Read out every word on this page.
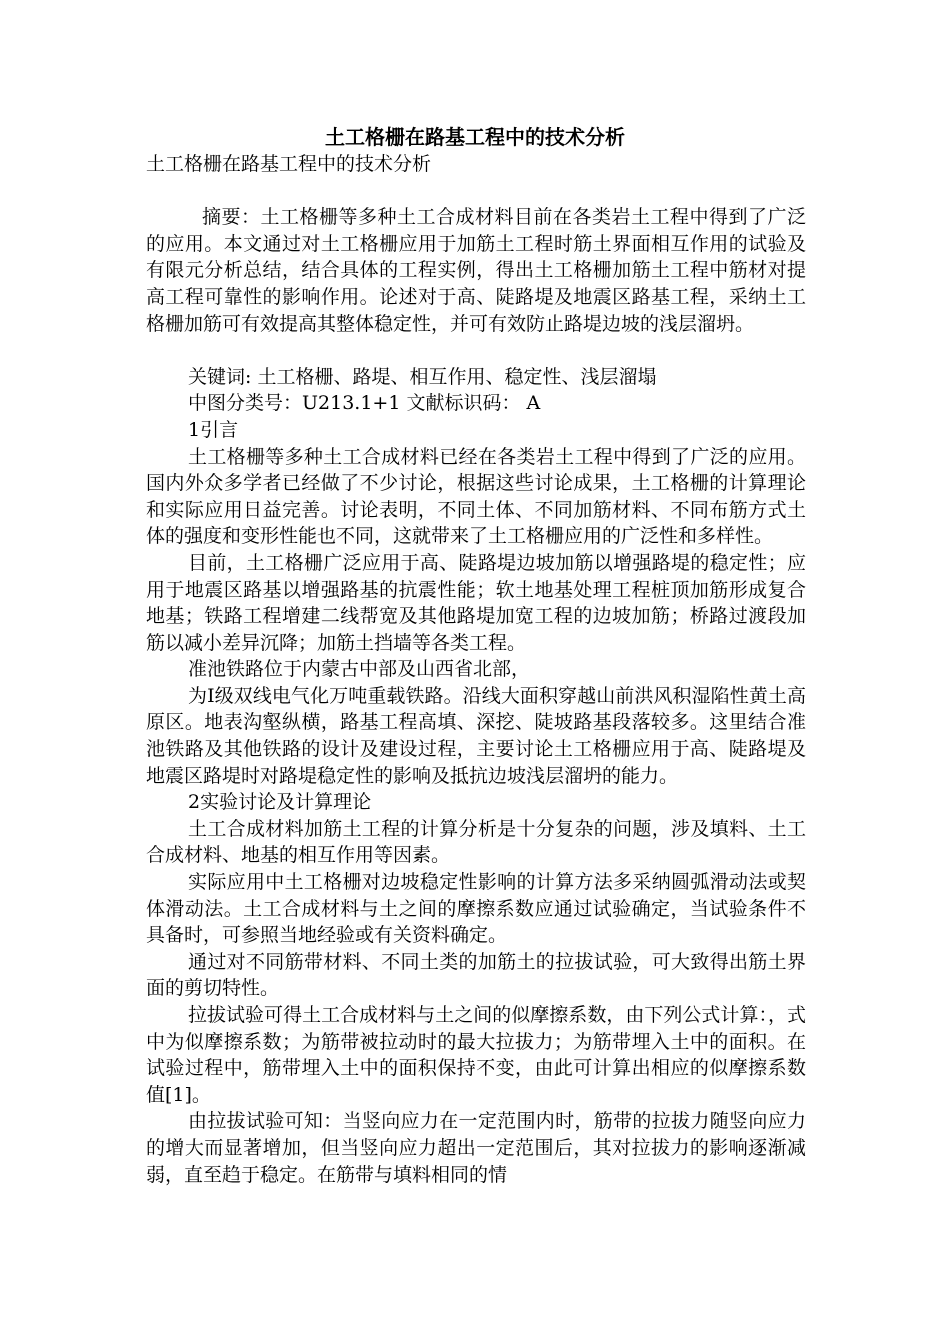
土工格栅在路基工程中的技术分析

土工格栅在路基工程中的技术分析

摘要：土工格栅等多种土工合成材料目前在各类岩土工程中得到了广泛的应用。本文通过对土工格栅应用于加筋土工程时筋土界面相互作用的试验及有限元分析总结，结合具体的工程实例，得出土工格栅加筋土工程中筋材对提高工程可靠性的影响作用。论述对于高、陡路堤及地震区路基工程，采纳土工格栅加筋可有效提高其整体稳定性，并可有效防止路堤边坡的浅层溜坍。

关键词: 土工格栅、路堤、相互作用、稳定性、浅层溜塌

中图分类号：U213.1+1 文献标识码： A

1引言

土工格栅等多种土工合成材料已经在各类岩土工程中得到了广泛的应用。国内外众多学者已经做了不少讨论，根据这些讨论成果，土工格栅的计算理论和实际应用日益完善。讨论表明，不同土体、不同加筋材料、不同布筋方式土体的强度和变形性能也不同，这就带来了土工格栅应用的广泛性和多样性。

目前，土工格栅广泛应用于高、陡路堤边坡加筋以增强路堤的稳定性；应用于地震区路基以增强路基的抗震性能；软土地基处理工程桩顶加筋形成复合地基；铁路工程增建二线帮宽及其他路堤加宽工程的边坡加筋；桥路过渡段加筋以减小差异沉降；加筋土挡墙等各类工程。

准池铁路位于内蒙古中部及山西省北部，

为Ⅰ级双线电气化万吨重载铁路。沿线大面积穿越山前洪风积湿陷性黄土高原区。地表沟壑纵横，路基工程高填、深挖、陡坡路基段落较多。这里结合准池铁路及其他铁路的设计及建设过程，主要讨论土工格栅应用于高、陡路堤及地震区路堤时对路堤稳定性的影响及抵抗边坡浅层溜坍的能力。

2实验讨论及计算理论

土工合成材料加筋土工程的计算分析是十分复杂的问题，涉及填料、土工合成材料、地基的相互作用等因素。

实际应用中土工格栅对边坡稳定性影响的计算方法多采纳圆弧滑动法或契体滑动法。土工合成材料与土之间的摩擦系数应通过试验确定，当试验条件不具备时，可参照当地经验或有关资料确定。

通过对不同筋带材料、不同土类的加筋土的拉拔试验，可大致得出筋土界面的剪切特性。

拉拔试验可得土工合成材料与土之间的似摩擦系数，由下列公式计算：，式中为似摩擦系数；为筋带被拉动时的最大拉拔力；为筋带埋入土中的面积。在试验过程中，筋带埋入土中的面积保持不变，由此可计算出相应的似摩擦系数值[1]。

由拉拔试验可知：当竖向应力在一定范围内时，筋带的拉拔力随竖向应力的增大而显著增加，但当竖向应力超出一定范围后，其对拉拔力的影响逐渐减弱，直至趋于稳定。在筋带与填料相同的情
